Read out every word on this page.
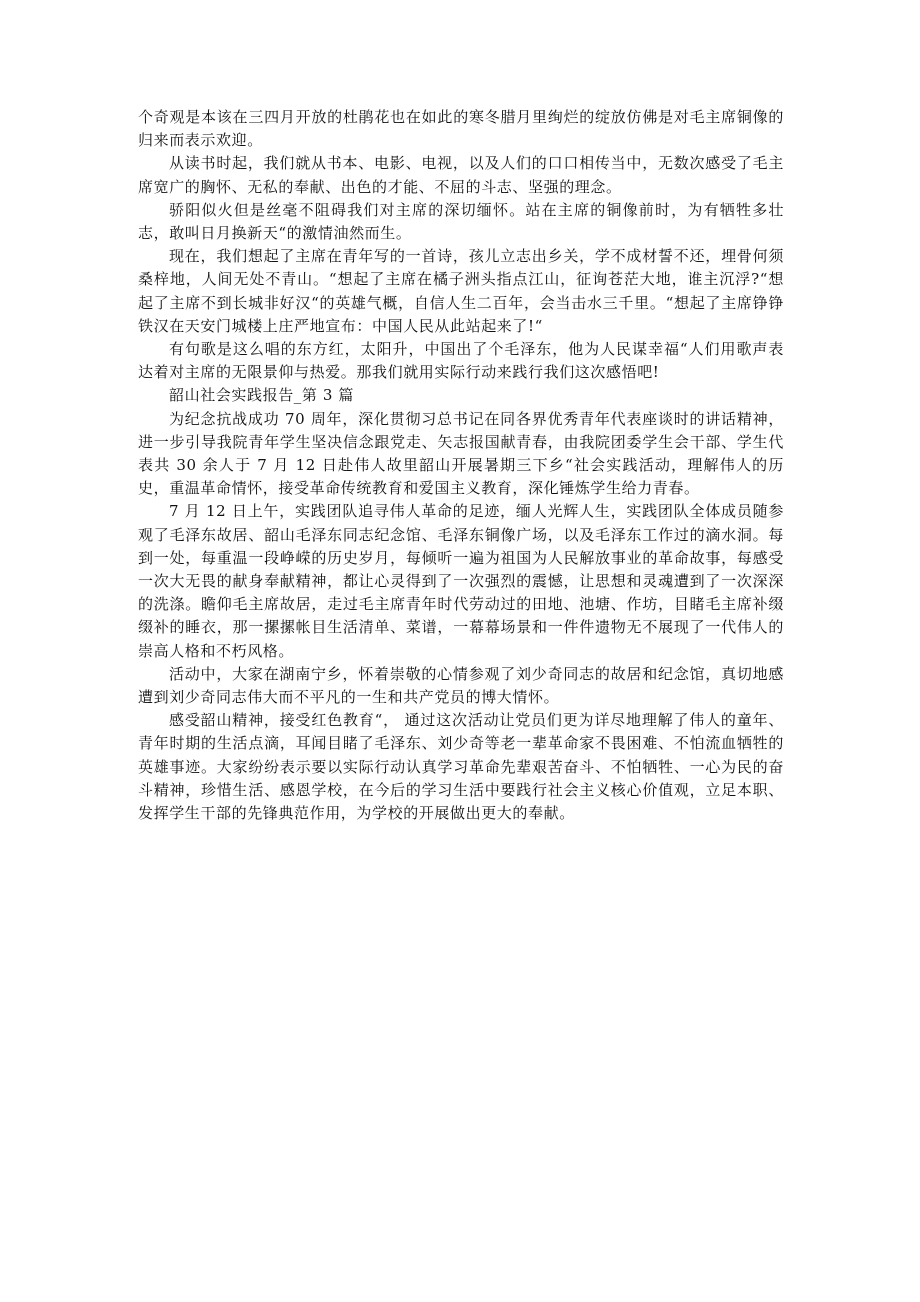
个奇观是本该在三四月开放的杜鹃花也在如此的寒冬腊月里绚烂的绽放仿佛是对毛主席铜像的归来而表示欢迎。

从读书时起，我们就从书本、电影、电视，以及人们的口口相传当中，无数次感受了毛主席宽广的胸怀、无私的奉献、出色的才能、不屈的斗志、坚强的理念。

骄阳似火但是丝毫不阻碍我们对主席的深切缅怀。站在主席的铜像前时，为有牺牲多壮志，敢叫日月换新天“的激情油然而生。

现在，我们想起了主席在青年写的一首诗，孩儿立志出乡关，学不成材誓不还，埋骨何须桑梓地，人间无处不青山。“想起了主席在橘子洲头指点江山，征询苍茫大地，谁主沉浮?“想起了主席不到长城非好汉“的英雄气概，自信人生二百年，会当击水三千里。“想起了主席铮铮铁汉在天安门城楼上庄严地宣布：中国人民从此站起来了!“

有句歌是这么唱的东方红，太阳升，中国出了个毛泽东，他为人民谋幸福“人们用歌声表达着对主席的无限景仰与热爱。那我们就用实际行动来践行我们这次感悟吧!

韶山社会实践报告_第 3 篇

为纪念抗战成功 70 周年，深化贯彻习总书记在同各界优秀青年代表座谈时的讲话精神，进一步引导我院青年学生坚决信念跟党走、矢志报国献青春，由我院团委学生会干部、学生代表共 30 余人于 7 月 12 日赴伟人故里韶山开展暑期三下乡“社会实践活动，理解伟人的历史，重温革命情怀，接受革命传统教育和爱国主义教育，深化锤炼学生给力青春。

7 月 12 日上午，实践团队追寻伟人革命的足迹，缅人光辉人生，实践团队全体成员随参观了毛泽东故居、韶山毛泽东同志纪念馆、毛泽东铜像广场，以及毛泽东工作过的滴水洞。每到一处，每重温一段峥嵘的历史岁月，每倾听一遍为祖国为人民解放事业的革命故事，每感受一次大无畏的献身奉献精神，都让心灵得到了一次强烈的震憾，让思想和灵魂遭到了一次深深的洗涤。瞻仰毛主席故居，走过毛主席青年时代劳动过的田地、池塘、作坊，目睹毛主席补缀缀补的睡衣，那一摞摞帐目生活清单、菜谱，一幕幕场景和一件件遗物无不展现了一代伟人的崇高人格和不朽风格。

活动中，大家在湖南宁乡，怀着崇敬的心情参观了刘少奇同志的故居和纪念馆，真切地感遭到刘少奇同志伟大而不平凡的一生和共产党员的博大情怀。

感受韶山精神，接受红色教育“， 通过这次活动让党员们更为详尽地理解了伟人的童年、青年时期的生活点滴，耳闻目睹了毛泽东、刘少奇等老一辈革命家不畏困难、不怕流血牺牲的英雄事迹。大家纷纷表示要以实际行动认真学习革命先辈艰苦奋斗、不怕牺牲、一心为民的奋斗精神，珍惜生活、感恩学校，在今后的学习生活中要践行社会主义核心价值观，立足本职、发挥学生干部的先锋典范作用，为学校的开展做出更大的奉献。
